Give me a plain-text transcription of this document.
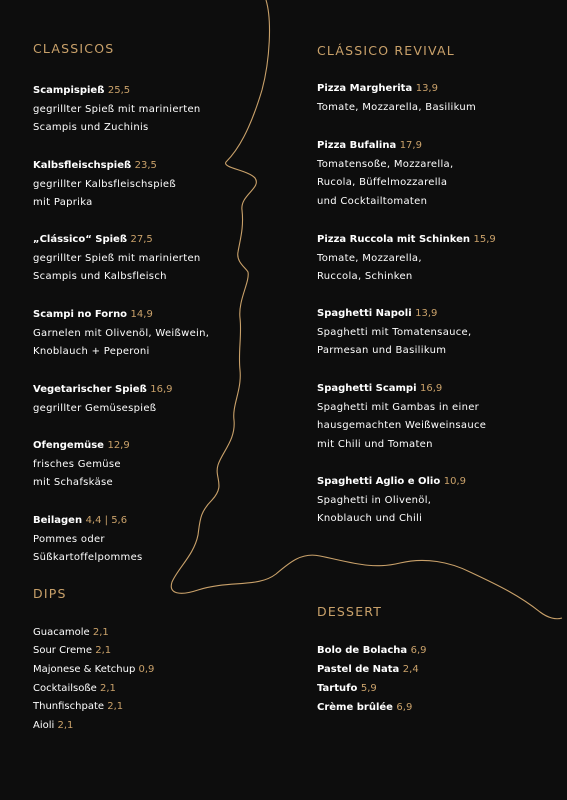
CLASSICOS
Scampispieß 25,5
gegrillter Spieß mit marinierten
Scampis und Zuchinis
Kalbsfleischspieß 23,5
gegrillter Kalbsfleischspieß
mit Paprika
„Clássico“ Spieß 27,5
gegrillter Spieß mit marinierten
Scampis und Kalbsfleisch
Scampi no Forno 14,9
Garnelen mit Olivenöl, Weißwein,
Knoblauch + Peperoni
Vegetarischer Spieß 16,9
gegrillter Gemüsespieß
Ofengemüse 12,9
frisches Gemüse
mit Schafskäse
Beilagen 4,4 | 5,6
Pommes oder
Süßkartoffelpommes
DIPS
Guacamole 2,1
Sour Creme 2,1
Majonese & Ketchup 0,9
Cocktailsoße 2,1
Thunfischpate 2,1
Aioli 2,1
CLÁSSICO REVIVAL
Pizza Margherita 13,9
Tomate, Mozzarella, Basilikum
Pizza Bufalina 17,9
Tomatensoße, Mozzarella,
Rucola, Büffelmozzarella
und Cocktailtomaten
Pizza Ruccola mit Schinken 15,9
Tomate, Mozzarella,
Ruccola, Schinken
Spaghetti Napoli 13,9
Spaghetti mit Tomatensauce,
Parmesan und Basilikum
Spaghetti Scampi 16,9
Spaghetti mit Gambas in einer
hausgemachten Weißweinsauce
mit Chili und Tomaten
Spaghetti Aglio e Olio 10,9
Spaghetti in Olivenöl,
Knoblauch und Chili
DESSERT
Bolo de Bolacha 6,9
Pastel de Nata 2,4
Tartufo 5,9
Crème brûlée 6,9
